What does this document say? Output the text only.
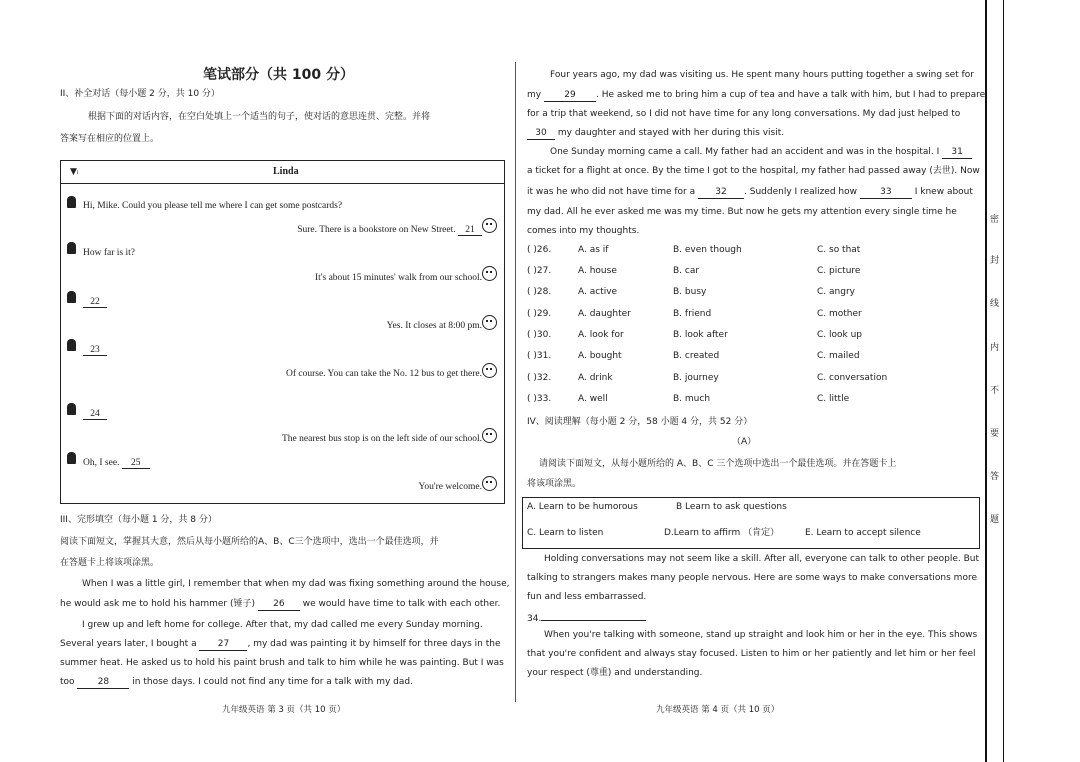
笔试部分（共 100 分）
II、补全对话（每小题 2 分，共 10 分）
根据下面的对话内容，在空白处填上一个适当的句子，使对话的意思连贯、完整。并将
答案写在相应的位置上。
▼ᵢ	Linda
Hi, Mike. Could you please tell me where I can get some postcards?
Sure. There is a bookstore on New Street. 21
How far is it?
It's about 15 minutes' walk from our school.
22
Yes. It closes at 8:00 pm.
23
Of course. You can take the No. 12 bus to get there.
24
The nearest bus stop is on the left side of our school.
Oh, I see. 25
You're welcome.
III、完形填空（每小题 1 分，共 8 分）
阅读下面短文，掌握其大意，然后从每小题所给的A、B、C三个选项中，选出一个最佳选项，并
在答题卡上将该项涂黑。
When I was a little girl, I remember that when my dad was fixing something around the house,
he would ask me to hold his hammer (锤子) 26 we would have time to talk with each other.
I grew up and left home for college. After that, my dad called me every Sunday morning.
Several years later, I bought a 27 , my dad was painting it by himself for three days in the
summer heat. He asked us to hold his paint brush and talk to him while he was painting. But I was
too	28	in those days. I could not find any time for a talk with my dad.
九年级英语 第 3 页（共 10 页）
Four years ago, my dad was visiting us. He spent many hours putting together a swing set for
my	29 . He asked me to bring him a cup of tea and have a talk with him, but I had to prepare
for a trip that weekend, so I did not have time for any long conversations. My dad just helped to
30 my daughter and stayed with her during this visit.
One Sunday morning came a call. My father had an accident and was in the hospital. I 31
a ticket for a flight at once. By the time I got to the hospital, my father had passed away (去世). Now
it was he who did not have time for a 32 . Suddenly I realized how	33	I knew about
my dad. All he ever asked me was my time. But now he gets my attention every single time he
comes into my thoughts.
( )26.	A. as if	B. even though	C. so that
( )27.	A. house	B. car	C. picture
( )28.	A. active	B. busy	C. angry
( )29.	A. daughter	B. friend	C. mother
( )30.	A. look for	B. look after	C. look up
( )31.	A. bought	B. created	C. mailed
( )32.	A. drink	B. journey	C. conversation
( )33.	A. well	B. much	C. little
IV、阅读理解（每小题 2 分，58 小题 4 分，共 52 分）
（A）
请阅读下面短文，从每小题所给的 A、B、C 三个选项中选出一个最佳选项。并在答题卡上
将该项涂黑。
A. Learn to be humorous	B Learn to ask questions
C. Learn to listen	D.Learn to affirm （肯定）	E. Learn to accept silence
Holding conversations may not seem like a skill. After all, everyone can talk to other people. But
talking to strangers makes many people nervous. Here are some ways to make conversations more
fun and less embarrassed.
34.
When you're talking with someone, stand up straight and look him or her in the eye. This shows
that you're confident and always stay focused. Listen to him or her patiently and let him or her feel
your respect (尊重) and understanding.
九年级英语 第 4 页（共 10 页）
密
封
线
内
不
要
答
题
